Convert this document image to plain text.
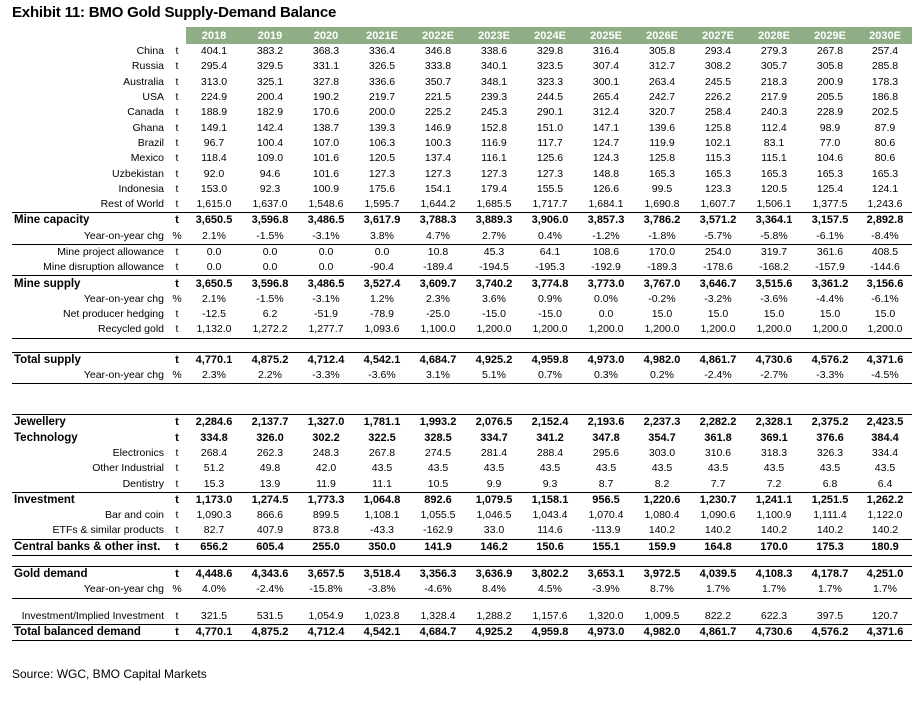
Exhibit 11: BMO Gold Supply-Demand Balance
		2018	2019	2020	2021E	2022E	2023E	2024E	2025E	2026E	2027E	2028E	2029E	2030E
China	t	404.1	383.2	368.3	336.4	346.8	338.6	329.8	316.4	305.8	293.4	279.3	267.8	257.4
Russia	t	295.4	329.5	331.1	326.5	333.8	340.1	323.5	307.4	312.7	308.2	305.7	305.8	285.8
Australia	t	313.0	325.1	327.8	336.6	350.7	348.1	323.3	300.1	263.4	245.5	218.3	200.9	178.3
USA	t	224.9	200.4	190.2	219.7	221.5	239.3	244.5	265.4	242.7	226.2	217.9	205.5	186.8
Canada	t	188.9	182.9	170.6	200.0	225.2	245.3	290.1	312.4	320.7	258.4	240.3	228.9	202.5
Ghana	t	149.1	142.4	138.7	139.3	146.9	152.8	151.0	147.1	139.6	125.8	112.4	98.9	87.9
Brazil	t	96.7	100.4	107.0	106.3	100.3	116.9	117.7	124.7	119.9	102.1	83.1	77.0	80.6
Mexico	t	118.4	109.0	101.6	120.5	137.4	116.1	125.6	124.3	125.8	115.3	115.1	104.6	80.6
Uzbekistan	t	92.0	94.6	101.6	127.3	127.3	127.3	127.3	148.8	165.3	165.3	165.3	165.3	165.3
Indonesia	t	153.0	92.3	100.9	175.6	154.1	179.4	155.5	126.6	99.5	123.3	120.5	125.4	124.1
Rest of World	t	1,615.0	1,637.0	1,548.6	1,595.7	1,644.2	1,685.5	1,717.7	1,684.1	1,690.8	1,607.7	1,506.1	1,377.5	1,243.6
Mine capacity	t	3,650.5	3,596.8	3,486.5	3,617.9	3,788.3	3,889.3	3,906.0	3,857.3	3,786.2	3,571.2	3,364.1	3,157.5	2,892.8
Year-on-year chg	%	2.1%	-1.5%	-3.1%	3.8%	4.7%	2.7%	0.4%	-1.2%	-1.8%	-5.7%	-5.8%	-6.1%	-8.4%
Mine project allowance	t	0.0	0.0	0.0	0.0	10.8	45.3	64.1	108.6	170.0	254.0	319.7	361.6	408.5
Mine disruption allowance	t	0.0	0.0	0.0	-90.4	-189.4	-194.5	-195.3	-192.9	-189.3	-178.6	-168.2	-157.9	-144.6
Mine supply	t	3,650.5	3,596.8	3,486.5	3,527.4	3,609.7	3,740.2	3,774.8	3,773.0	3,767.0	3,646.7	3,515.6	3,361.2	3,156.6
Year-on-year chg	%	2.1%	-1.5%	-3.1%	1.2%	2.3%	3.6%	0.9%	0.0%	-0.2%	-3.2%	-3.6%	-4.4%	-6.1%
Net producer hedging	t	-12.5	6.2	-51.9	-78.9	-25.0	-15.0	-15.0	0.0	15.0	15.0	15.0	15.0	15.0
Recycled gold	t	1,132.0	1,272.2	1,277.7	1,093.6	1,100.0	1,200.0	1,200.0	1,200.0	1,200.0	1,200.0	1,200.0	1,200.0	1,200.0

Total supply	t	4,770.1	4,875.2	4,712.4	4,542.1	4,684.7	4,925.2	4,959.8	4,973.0	4,982.0	4,861.7	4,730.6	4,576.2	4,371.6
Year-on-year chg	%	2.3%	2.2%	-3.3%	-3.6%	3.1%	5.1%	0.7%	0.3%	0.2%	-2.4%	-2.7%	-3.3%	-4.5%

Jewellery	t	2,284.6	2,137.7	1,327.0	1,781.1	1,993.2	2,076.5	2,152.4	2,193.6	2,237.3	2,282.2	2,328.1	2,375.2	2,423.5
Technology	t	334.8	326.0	302.2	322.5	328.5	334.7	341.2	347.8	354.7	361.8	369.1	376.6	384.4
Electronics	t	268.4	262.3	248.3	267.8	274.5	281.4	288.4	295.6	303.0	310.6	318.3	326.3	334.4
Other Industrial	t	51.2	49.8	42.0	43.5	43.5	43.5	43.5	43.5	43.5	43.5	43.5	43.5	43.5
Dentistry	t	15.3	13.9	11.9	11.1	10.5	9.9	9.3	8.7	8.2	7.7	7.2	6.8	6.4
Investment	t	1,173.0	1,274.5	1,773.3	1,064.8	892.6	1,079.5	1,158.1	956.5	1,220.6	1,230.7	1,241.1	1,251.5	1,262.2
Bar and coin	t	1,090.3	866.6	899.5	1,108.1	1,055.5	1,046.5	1,043.4	1,070.4	1,080.4	1,090.6	1,100.9	1,111.4	1,122.0
ETFs & similar products	t	82.7	407.9	873.8	-43.3	-162.9	33.0	114.6	-113.9	140.2	140.2	140.2	140.2	140.2
Central banks & other inst.	t	656.2	605.4	255.0	350.0	141.9	146.2	150.6	155.1	159.9	164.8	170.0	175.3	180.9

Gold demand	t	4,448.6	4,343.6	3,657.5	3,518.4	3,356.3	3,636.9	3,802.2	3,653.1	3,972.5	4,039.5	4,108.3	4,178.7	4,251.0
Year-on-year chg	%	4.0%	-2.4%	-15.8%	-3.8%	-4.6%	8.4%	4.5%	-3.9%	8.7%	1.7%	1.7%	1.7%	1.7%

Investment/Implied Investment	t	321.5	531.5	1,054.9	1,023.8	1,328.4	1,288.2	1,157.6	1,320.0	1,009.5	822.2	622.3	397.5	120.7
Total balanced demand	t	4,770.1	4,875.2	4,712.4	4,542.1	4,684.7	4,925.2	4,959.8	4,973.0	4,982.0	4,861.7	4,730.6	4,576.2	4,371.6
Source: WGC, BMO Capital Markets
